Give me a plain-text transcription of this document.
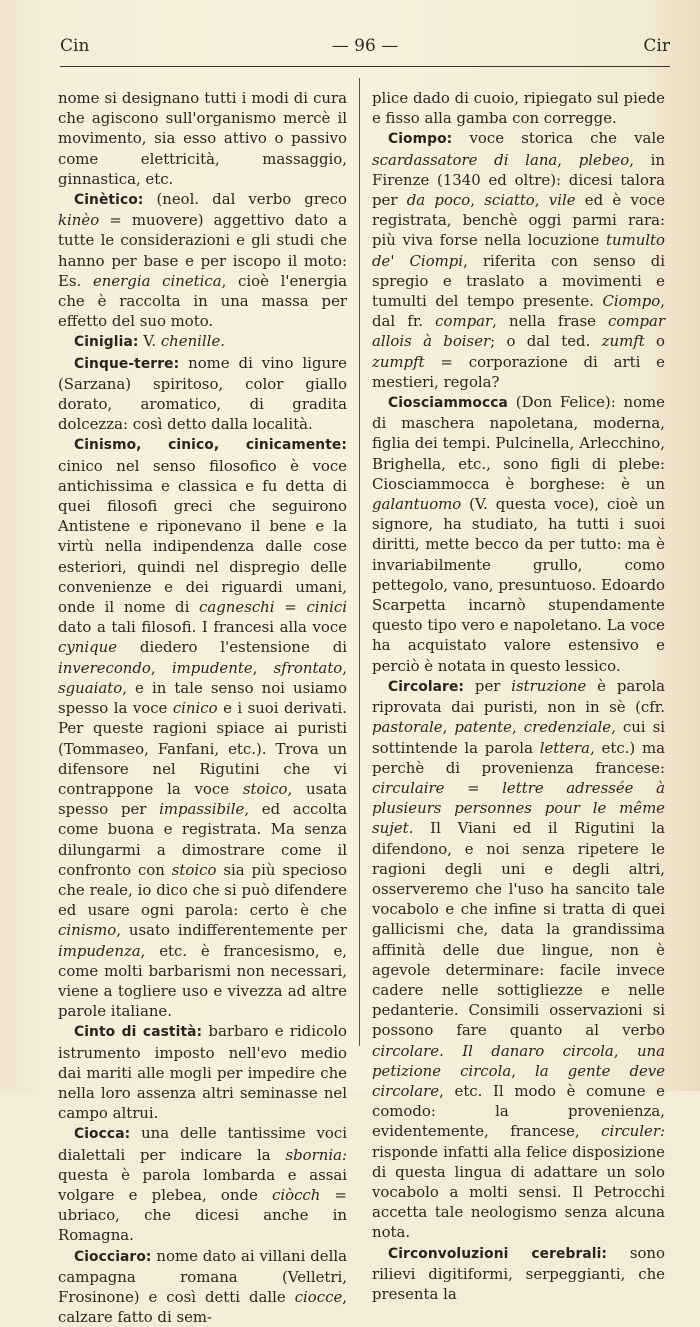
Cin	— 96 —	Cir

nome si designano tutti i modi di cura che agiscono sull'organismo mercè il movimento, sia esso attivo o passivo come elettricità, massaggio, ginnastica, etc.

Cinètico: (neol. dal verbo greco kinèo = muovere) aggettivo dato a tutte le considerazioni e gli studi che hanno per base e per iscopo il moto: Es. energia cinetica, cioè l'energia che è raccolta in una massa per effetto del suo moto.

Ciniglia: V. chenille.

Cinque-terre: nome di vino ligure (Sarzana) spiritoso, color giallo dorato, aromatico, di gradita dolcezza: così detto dalla località.

Cinismo, cinico, cinicamente: cinico nel senso filosofico è voce antichissima e classica e fu detta di quei filosofi greci che seguirono Antistene e riponevano il bene e la virtù nella indipendenza dalle cose esteriori, quindi nel dispregio delle convenienze e dei riguardi umani, onde il nome di cagneschi = cinici dato a tali filosofi. I francesi alla voce cynique diedero l'estensione di inverecondo, impudente, sfrontato, sguaiato, e in tale senso noi usiamo spesso la voce cinico e i suoi derivati. Per queste ragioni spiace ai puristi (Tommaseo, Fanfani, etc.). Trova un difensore nel Rigutini che vi contrappone la voce stoico, usata spesso per impassibile, ed accolta come buona e registrata. Ma senza dilungarmi a dimostrare come il confronto con stoico sia più specioso che reale, io dico che si può difendere ed usare ogni parola: certo è che cinismo, usato indifferentemente per impudenza, etc. è francesismo, e, come molti barbarismi non necessari, viene a togliere uso e vivezza ad altre parole italiane.

Cinto di castità: barbaro e ridicolo istrumento imposto nell'evo medio dai mariti alle mogli per impedire che nella loro assenza altri seminasse nel campo altrui.

Ciocca: una delle tantissime voci dialettali per indicare la sbornia: questa è parola lombarda e assai volgare e plebea, onde ciòcch = ubriaco, che dicesi anche in Romagna.

Ciocciaro: nome dato ai villani della campagna romana (Velletri, Frosinone) e così detti dalle ciocce, calzare fatto di sem-

plice dado di cuoio, ripiegato sul piede e fisso alla gamba con corregge.

Ciompo: voce storica che vale scardassatore di lana, plebeo, in Firenze (1340 ed oltre): dicesi talora per da poco, sciatto, vile ed è voce registrata, benchè oggi parmi rara: più viva forse nella locuzione tumulto de' Ciompi, riferita con senso di spregio e traslato a movimenti e tumulti del tempo presente. Ciompo, dal fr. compar, nella frase compar allois à boiser; o dal ted. zumft o zumpft = corporazione di arti e mestieri, regola?

Ciosciammocca (Don Felice): nome di maschera napoletana, moderna, figlia dei tempi. Pulcinella, Arlecchino, Brighella, etc., sono figli di plebe: Ciosciammocca è borghese: è un galantuomo (V. questa voce), cioè un signore, ha studiato, ha tutti i suoi diritti, mette becco da per tutto: ma è invariabilmente grullo, como pettegolo, vano, presuntuoso. Edoardo Scarpetta incarnò stupendamente questo tipo vero e napoletano. La voce ha acquistato valore estensivo e perciò è notata in questo lessico.

Circolare: per istruzione è parola riprovata dai puristi, non in sè (cfr. pastorale, patente, credenziale, cui si sottintende la parola lettera, etc.) ma perchè di provenienza francese: circulaire = lettre adressée à plusieurs personnes pour le même sujet. Il Viani ed il Rigutini la difendono, e noi senza ripetere le ragioni degli uni e degli altri, osserveremo che l'uso ha sancito tale vocabolo e che infine si tratta di quei gallicismi che, data la grandissima affinità delle due lingue, non è agevole determinare: facile invece cadere nelle sottigliezze e nelle pedanterie. Consimili osservazioni si possono fare quanto al verbo circolare. Il danaro circola, una petizione circola, la gente deve circolare, etc. Il modo è comune e comodo: la provenienza, evidentemente, francese, circuler: risponde infatti alla felice disposizione di questa lingua di adattare un solo vocabolo a molti sensi. Il Petrocchi accetta tale neologismo senza alcuna nota.

Circonvoluzioni cerebrali: sono rilievi digitiformi, serpeggianti, che presenta la
